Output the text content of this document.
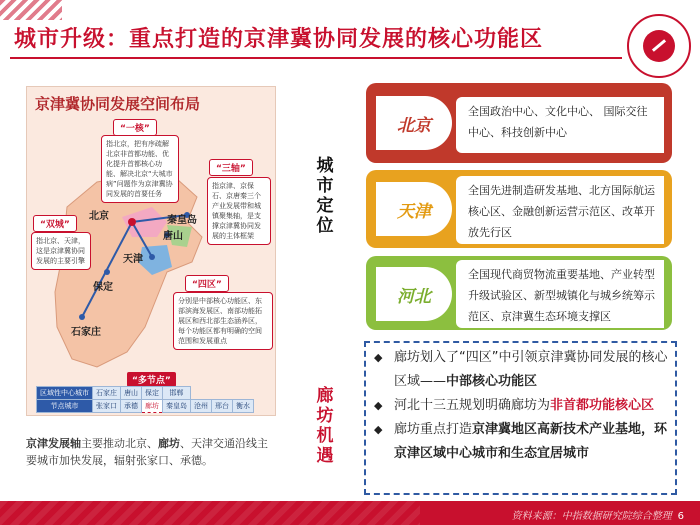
城市升级：重点打造的京津冀协同发展的核心功能区
京津冀协同发展空间布局
北京
天津
唐山
秦皇岛
保定
石家庄
“一核”
指北京，把有序疏解北京非首都功能、优化提升首都核心功能、解决北京“大城市病”问题作为京津冀协同发展的首要任务
“三轴”
指京津、京保石、京唐秦三个产业发展带和城镇聚集轴，是支撑京津冀协同发展的主体框架
“双城”
指北京、天津，这是京津冀协同发展的主要引擎
“四区”
分别是中部核心功能区、东部滨海发展区、南部功能拓展区和西北部生态涵养区，每个功能区都有明确的空间范围和发展重点
“多节点”
区域性中心城市	石家庄	唐山	保定	邯郸			
节点城市	张家口	承德	廊坊	秦皇岛	沧州	邢台	衡水
京津发展轴主要推动北京、廊坊、天津交通沿线主要城市加快发展，辐射张家口、承德。
城市定位
廊坊机遇
北京
全国政治中心、文化中心、 国际交往中心、科技创新中心
天津
全国先进制造研发基地、北方国际航运核心区、金融创新运营示范区、改革开放先行区
河北
全国现代商贸物流重要基地、产业转型升级试验区、新型城镇化与城乡统筹示范区、京津冀生态环境支撑区
◆ 廊坊划入了“四区”中引领京津冀协同发展的核心区域——中部核心功能区
◆ 河北十三五规划明确廊坊为非首都功能核心区
◆ 廊坊重点打造京津冀地区高新技术产业基地，环京津区域中心城市和生态宜居城市
资料来源：中指数据研究院综合整理 6
